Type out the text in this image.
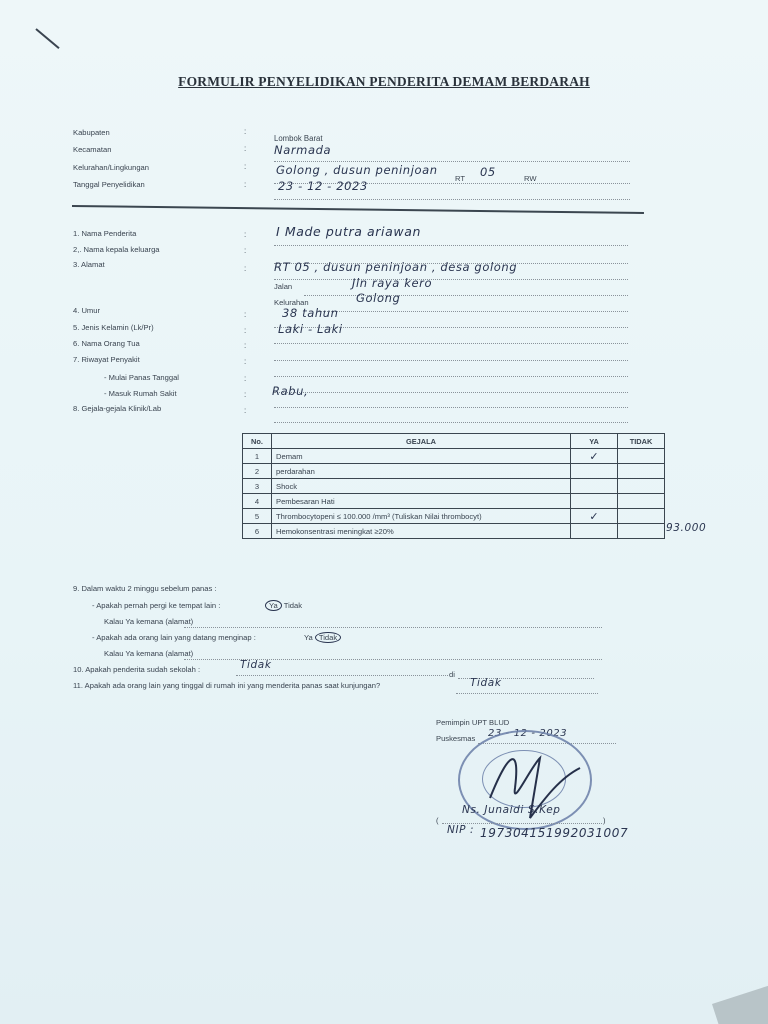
FORMULIR PENYELIDIKAN PENDERITA DEMAM BERDARAH
Kabupaten	:
Lombok Barat
Kecamatan	: Narmada
Kelurahan/Lingkungan	:	Golong , dusun peninjoan
RT 05	RW
Tanggal Penyelidikan	:	23 - 12 - 2023
1. Nama Penderita	: I Made putra ariawan
2,. Nama kepala keluarga	:
3. Alamat	: RT 05 , dusun peninjoan , desa golong
Jalan	Jln raya kero
Kelurahan	Golong
4. Umur	:	38 tahun
5. Jenis Kelamin (Lk/Pr)	:	Laki - Laki
6. Nama Orang Tua	:
7. Riwayat Penyakit	:
- Mulai Panas Tanggal	:
- Masuk Rumah Sakit	: Rabu,
8. Gejala-gejala Klinik/Lab	:
No.	GEJALA	YA	TIDAK
1	Demam	✓	
2	perdarahan		
3	Shock		
4	Pembesaran Hati		
5	Thrombocytopeni ≤ 100.000 /mm³ (Tuliskan Nilai thrombocyt)	✓	
6	Hemokonsentrasi meningkat ≥20%			93.000
9. Dalam waktu 2 minggu sebelum panas :
- Apakah pernah pergi ke tempat lain :	Ya Tidak
Kalau Ya kemana (alamat)
- Apakah ada orang lain yang datang menginap :	Ya Tidak
Kalau Ya kemana (alamat)
10. Apakah penderita sudah sekolah :	Tidak
di
11. Apakah ada orang lain yang tinggal di rumah ini yang menderita panas saat kunjungan?	Tidak
Pemimpin UPT BLUD
Puskesmas 23 - 12 - 2023
Ns. Junaidi S.Kep
(	)
NIP : 197304151992031007
